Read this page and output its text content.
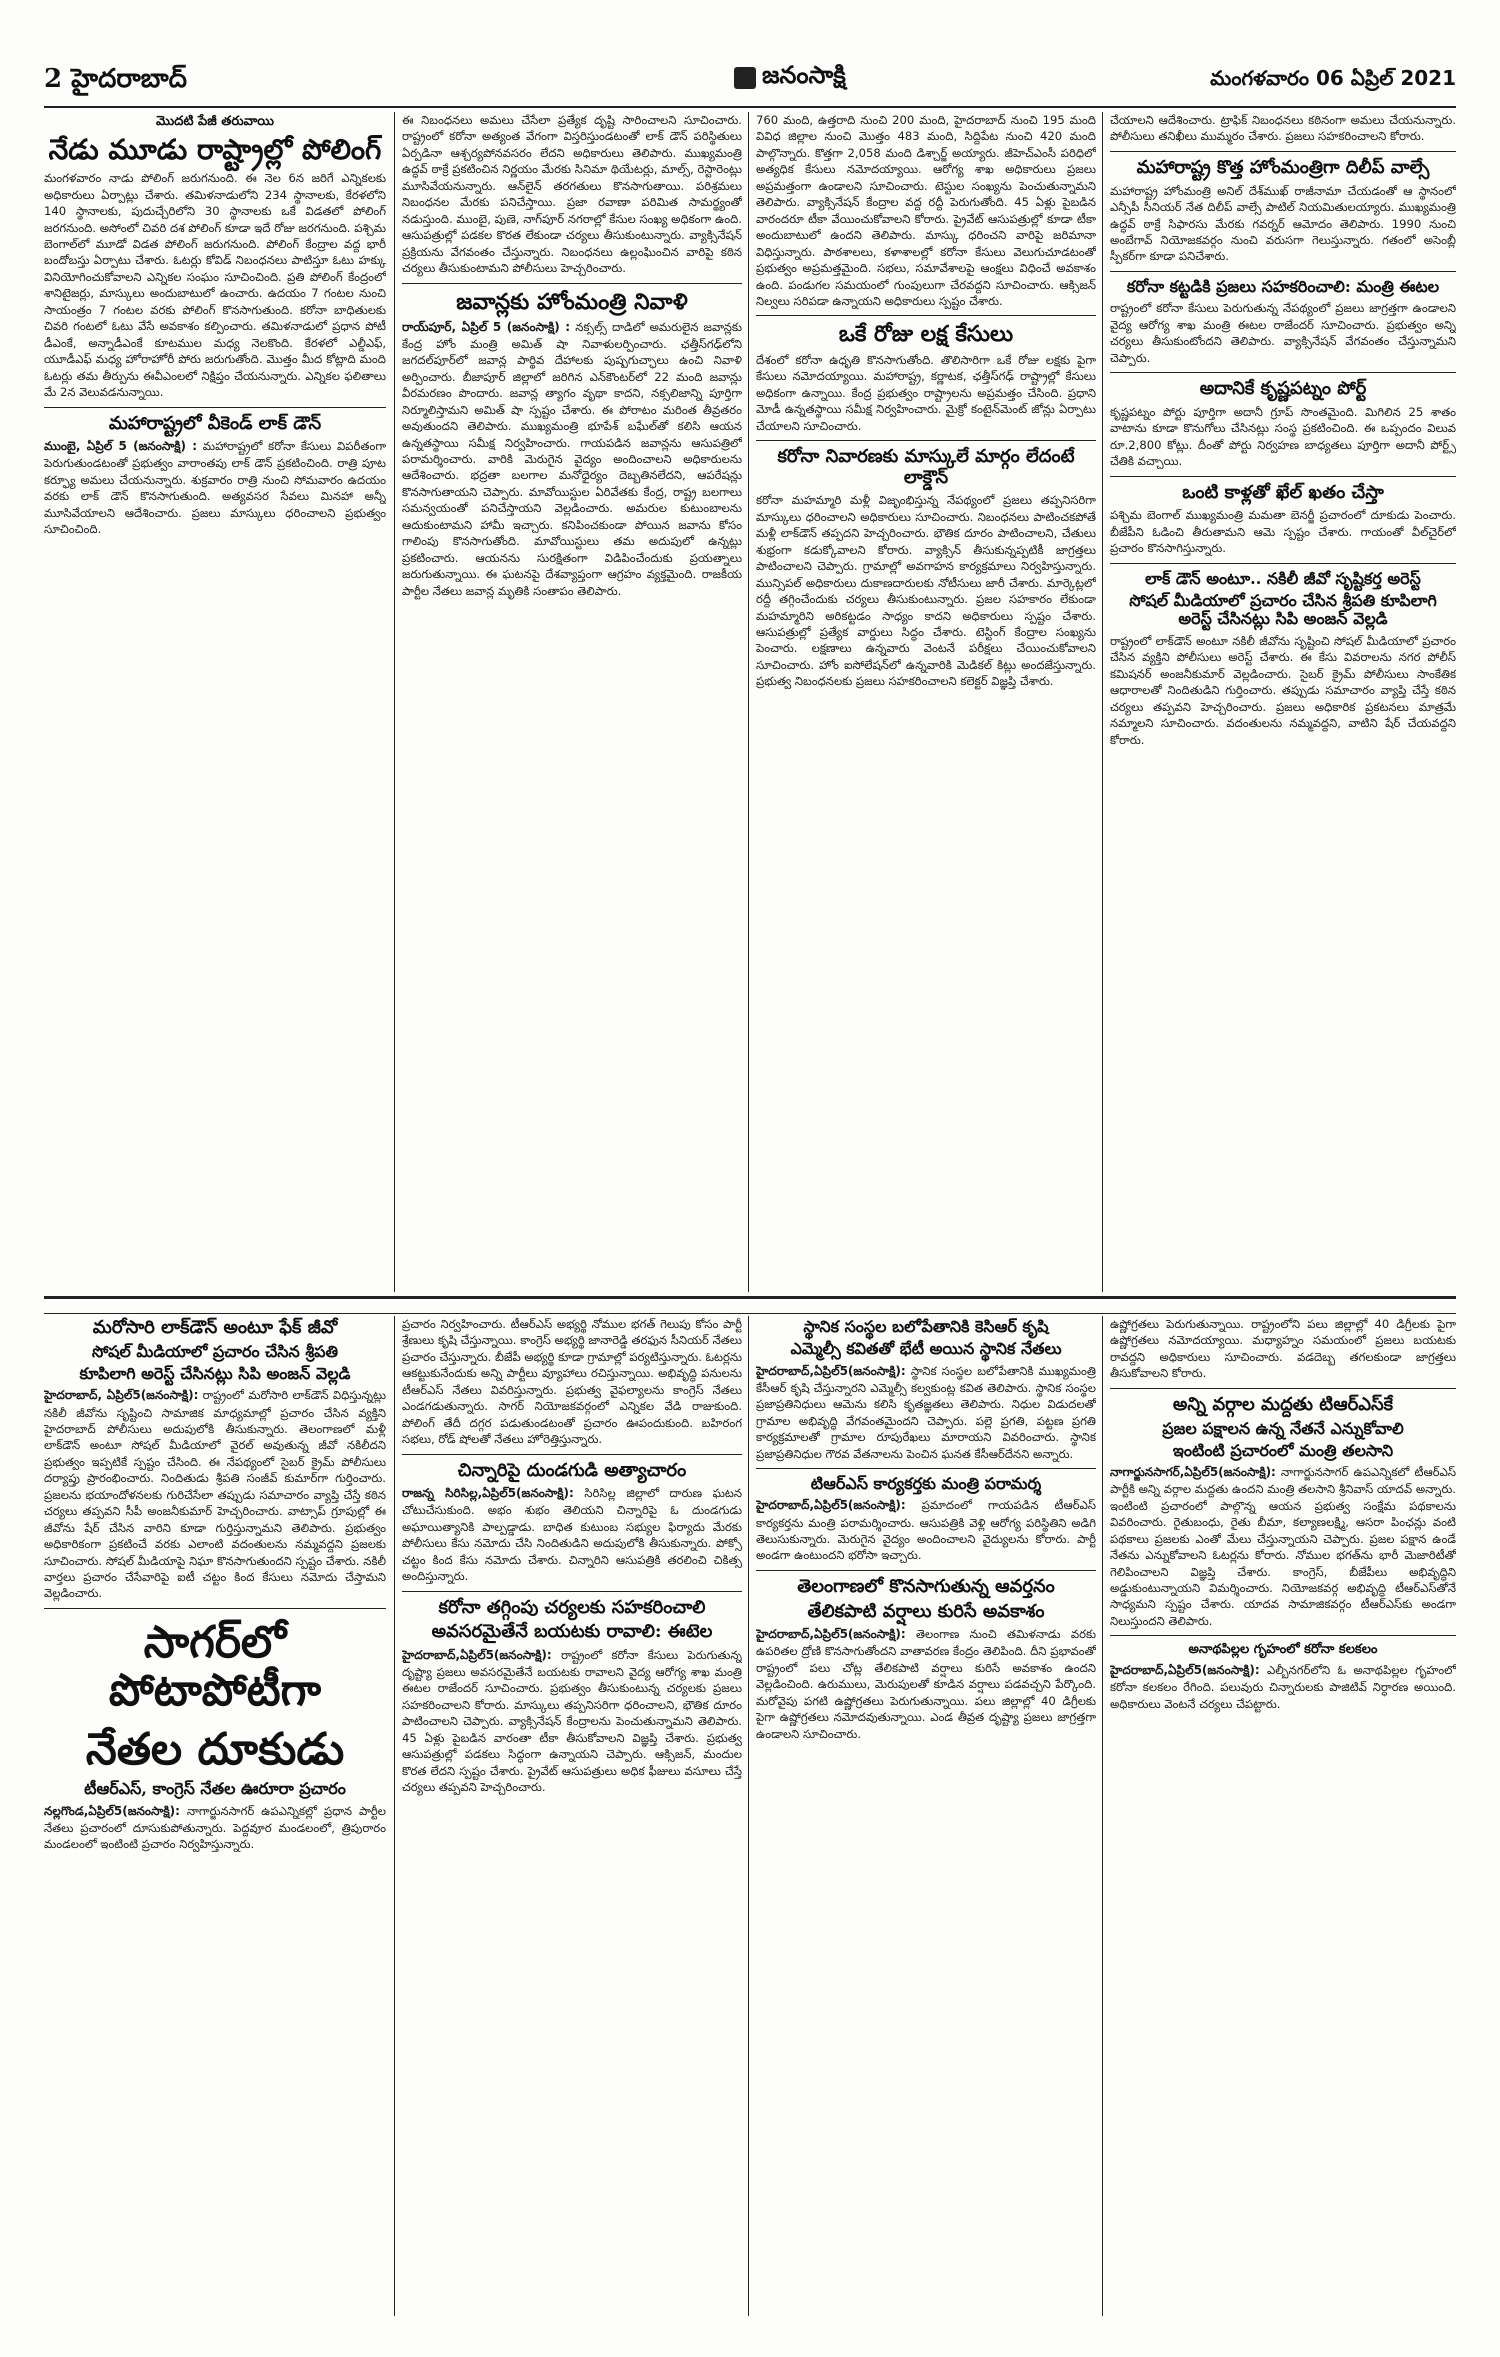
2 హైదరాబాద్	జనంసాక్షి	మంగళవారం 06 ఏప్రిల్ 2021
మొదటి పేజీ తరువాయి
నేడు మూడు రాష్ట్రాల్లో పోలింగ్

మంగళవారం నాడు పోలింగ్ జరుగనుంది. ఈ నెల 6న జరిగే ఎన్నికలకు అధికారులు ఏర్పాట్లు చేశారు. తమిళనాడులోని 234 స్థానాలకు, కేరళలోని 140 స్థానాలకు, పుదుచ్చేరిలోని 30 స్థానాలకు ఒకే విడతలో పోలింగ్ జరగనుంది. అసోంలో చివరి దశ పోలింగ్ కూడా ఇదే రోజు జరగనుంది. పశ్చిమ బెంగాల్‌లో మూడో విడత పోలింగ్ జరుగనుంది. పోలింగ్ కేంద్రాల వద్ద భారీ బందోబస్తు ఏర్పాటు చేశారు. ఓటర్లు కోవిడ్ నిబంధనలు పాటిస్తూ ఓటు హక్కు వినియోగించుకోవాలని ఎన్నికల సంఘం సూచించింది. ప్రతి పోలింగ్ కేంద్రంలో శానిటైజర్లు, మాస్కులు అందుబాటులో ఉంచారు. ఉదయం 7 గంటల నుంచి సాయంత్రం 7 గంటల వరకు పోలింగ్ కొనసాగుతుంది. కరోనా బాధితులకు చివరి గంటలో ఓటు వేసే అవకాశం కల్పించారు. తమిళనాడులో ప్రధాన పోటీ డీఎంకే, అన్నాడీఎంకే కూటముల మధ్య నెలకొంది. కేరళలో ఎల్డీఎఫ్, యూడీఎఫ్ మధ్య హోరాహోరీ పోరు జరుగుతోంది. మొత్తం మీద కోట్లాది మంది ఓటర్లు తమ తీర్పును ఈవీఎంలలో నిక్షిప్తం చేయనున్నారు. ఎన్నికల ఫలితాలు మే 2న వెలువడనున్నాయి.

మహారాష్ట్రలో వీకెండ్ లాక్ డౌన్

ముంబై, ఏప్రిల్ 5 (జనంసాక్షి) : మహారాష్ట్రలో కరోనా కేసులు విపరీతంగా పెరుగుతుండటంతో ప్రభుత్వం వారాంతపు లాక్ డౌన్ ప్రకటించింది. రాత్రి పూట కర్ఫ్యూ అమలు చేయనున్నారు. శుక్రవారం రాత్రి నుంచి సోమవారం ఉదయం వరకు లాక్ డౌన్ కొనసాగుతుంది. అత్యవసర సేవలు మినహా అన్నీ మూసివేయాలని ఆదేశించారు. ప్రజలు మాస్కులు ధరించాలని ప్రభుత్వం సూచించింది.

ఈ నిబంధనలు అమలు చేసేలా ప్రత్యేక దృష్టి సారించాలని సూచించారు. రాష్ట్రంలో కరోనా అత్యంత వేగంగా విస్తరిస్తుండటంతో లాక్ డౌన్ పరిస్థితులు ఏర్పడినా ఆశ్చర్యపోనవసరం లేదని అధికారులు తెలిపారు. ముఖ్యమంత్రి ఉద్ధవ్ ఠాక్రే ప్రకటించిన నిర్ణయం మేరకు సినిమా థియేటర్లు, మాల్స్, రెస్టారెంట్లు మూసివేయనున్నారు. ఆన్‌లైన్ తరగతులు కొనసాగుతాయి. పరిశ్రమలు నిబంధనల మేరకు పనిచేస్తాయి. ప్రజా రవాణా పరిమిత సామర్థ్యంతో నడుస్తుంది. ముంబై, పుణె, నాగ్‌పూర్ నగరాల్లో కేసుల సంఖ్య అధికంగా ఉంది. ఆసుపత్రుల్లో పడకల కొరత లేకుండా చర్యలు తీసుకుంటున్నారు. వ్యాక్సినేషన్ ప్రక్రియను వేగవంతం చేస్తున్నారు. నిబంధనలు ఉల్లంఘించిన వారిపై కఠిన చర్యలు తీసుకుంటామని పోలీసులు హెచ్చరించారు.

జవాన్లకు హోంమంత్రి నివాళి

రాయ్‌పూర్, ఏప్రిల్ 5 (జనంసాక్షి) : నక్సల్స్ దాడిలో అమరులైన జవాన్లకు కేంద్ర హోం మంత్రి అమిత్ షా నివాళులర్పించారు. ఛత్తీస్‌గఢ్‌లోని జగదల్‌పూర్‌లో జవాన్ల పార్థివ దేహాలకు పుష్పగుచ్ఛాలు ఉంచి నివాళి అర్పించారు. బీజాపూర్ జిల్లాలో జరిగిన ఎన్‌కౌంటర్‌లో 22 మంది జవాన్లు వీరమరణం పొందారు. జవాన్ల త్యాగం వృథా కాదని, నక్సలిజాన్ని పూర్తిగా నిర్మూలిస్తామని అమిత్ షా స్పష్టం చేశారు. ఈ పోరాటం మరింత తీవ్రతరం అవుతుందని తెలిపారు. ముఖ్యమంత్రి భూపేశ్ బఘేల్‌తో కలిసి ఆయన ఉన్నతస్థాయి సమీక్ష నిర్వహించారు. గాయపడిన జవాన్లను ఆసుపత్రిలో పరామర్శించారు. వారికి మెరుగైన వైద్యం అందించాలని అధికారులను ఆదేశించారు. భద్రతా బలగాల మనోధైర్యం దెబ్బతినలేదని, ఆపరేషన్లు కొనసాగుతాయని చెప్పారు. మావోయిస్టుల ఏరివేతకు కేంద్ర, రాష్ట్ర బలగాలు సమన్వయంతో పనిచేస్తాయని వెల్లడించారు. అమరుల కుటుంబాలను ఆదుకుంటామని హామీ ఇచ్చారు. కనిపించకుండా పోయిన జవాను కోసం గాలింపు కొనసాగుతోంది. మావోయిస్టులు తమ అదుపులో ఉన్నట్లు ప్రకటించారు. ఆయనను సురక్షితంగా విడిపించేందుకు ప్రయత్నాలు జరుగుతున్నాయి. ఈ ఘటనపై దేశవ్యాప్తంగా ఆగ్రహం వ్యక్తమైంది. రాజకీయ పార్టీల నేతలు జవాన్ల మృతికి సంతాపం తెలిపారు.

760 మంది, ఉత్తరాది నుంచి 200 మంది, హైదరాబాద్ నుంచి 195 మంది వివిధ జిల్లాల నుంచి మొత్తం 483 మంది, సిద్దిపేట నుంచి 420 మంది పాల్గొన్నారు. కొత్తగా 2,058 మంది డిశ్చార్జ్ అయ్యారు. జీహెచ్‌ఎంసీ పరిధిలో అత్యధిక కేసులు నమోదయ్యాయి. ఆరోగ్య శాఖ అధికారులు ప్రజలు అప్రమత్తంగా ఉండాలని సూచించారు. టెస్టుల సంఖ్యను పెంచుతున్నామని తెలిపారు. వ్యాక్సినేషన్ కేంద్రాల వద్ద రద్దీ పెరుగుతోంది. 45 ఏళ్లు పైబడిన వారందరూ టీకా వేయించుకోవాలని కోరారు. ప్రైవేట్ ఆసుపత్రుల్లో కూడా టీకా అందుబాటులో ఉందని తెలిపారు. మాస్కు ధరించని వారిపై జరిమానా విధిస్తున్నారు. పాఠశాలలు, కళాశాలల్లో కరోనా కేసులు వెలుగుచూడటంతో ప్రభుత్వం అప్రమత్తమైంది. సభలు, సమావేశాలపై ఆంక్షలు విధించే అవకాశం ఉంది. పండుగల సమయంలో గుంపులుగా చేరవద్దని సూచించారు. ఆక్సిజన్ నిల్వలు సరిపడా ఉన్నాయని అధికారులు స్పష్టం చేశారు.

ఒకే రోజు లక్ష కేసులు

దేశంలో కరోనా ఉధృతి కొనసాగుతోంది. తొలిసారిగా ఒకే రోజు లక్షకు పైగా కేసులు నమోదయ్యాయి. మహారాష్ట్ర, కర్ణాటక, ఛత్తీస్‌గఢ్ రాష్ట్రాల్లో కేసులు అధికంగా ఉన్నాయి. కేంద్ర ప్రభుత్వం రాష్ట్రాలను అప్రమత్తం చేసింది. ప్రధాని మోడీ ఉన్నతస్థాయి సమీక్ష నిర్వహించారు. మైక్రో కంటైన్‌మెంట్ జోన్లు ఏర్పాటు చేయాలని సూచించారు.

కరోనా నివారణకు మాస్కులే మార్గం లేదంటే లాక్డౌన్

కరోనా మహమ్మారి మళ్లీ విజృంభిస్తున్న నేపథ్యంలో ప్రజలు తప్పనిసరిగా మాస్కులు ధరించాలని అధికారులు సూచించారు. నిబంధనలు పాటించకపోతే మళ్లీ లాక్‌డౌన్ తప్పదని హెచ్చరించారు. భౌతిక దూరం పాటించాలని, చేతులు శుభ్రంగా కడుక్కోవాలని కోరారు. వ్యాక్సిన్ తీసుకున్నప్పటికీ జాగ్రత్తలు పాటించాలని చెప్పారు. గ్రామాల్లో అవగాహన కార్యక్రమాలు నిర్వహిస్తున్నారు. మున్సిపల్ అధికారులు దుకాణదారులకు నోటీసులు జారీ చేశారు. మార్కెట్లలో రద్దీ తగ్గించేందుకు చర్యలు తీసుకుంటున్నారు. ప్రజల సహకారం లేకుండా మహమ్మారిని అరికట్టడం సాధ్యం కాదని అధికారులు స్పష్టం చేశారు. ఆసుపత్రుల్లో ప్రత్యేక వార్డులు సిద్ధం చేశారు. టెస్టింగ్ కేంద్రాల సంఖ్యను పెంచారు. లక్షణాలు ఉన్నవారు వెంటనే పరీక్షలు చేయించుకోవాలని సూచించారు. హోం ఐసోలేషన్‌లో ఉన్నవారికి మెడికల్ కిట్లు అందజేస్తున్నారు. ప్రభుత్వ నిబంధనలకు ప్రజలు సహకరించాలని కలెక్టర్ విజ్ఞప్తి చేశారు.

చేయాలని ఆదేశించారు. ట్రాఫిక్ నిబంధనలు కఠినంగా అమలు చేయనున్నారు. పోలీసులు తనిఖీలు ముమ్మరం చేశారు. ప్రజలు సహకరించాలని కోరారు.

మహారాష్ట్ర కొత్త హోంమంత్రిగా దిలీప్ వాల్సే

మహారాష్ట్ర హోంమంత్రి అనిల్ దేశ్‌ముఖ్ రాజీనామా చేయడంతో ఆ స్థానంలో ఎన్సీపీ సీనియర్ నేత దిలీప్ వాల్సే పాటిల్ నియమితులయ్యారు. ముఖ్యమంత్రి ఉద్ధవ్ ఠాక్రే సిఫారసు మేరకు గవర్నర్ ఆమోదం తెలిపారు. 1990 నుంచి అంబేగావ్ నియోజకవర్గం నుంచి వరుసగా గెలుస్తున్నారు. గతంలో అసెంబ్లీ స్పీకర్‌గా కూడా పనిచేశారు.

కరోనా కట్టడికి ప్రజలు సహకరించాలి: మంత్రి ఈటల

రాష్ట్రంలో కరోనా కేసులు పెరుగుతున్న నేపథ్యంలో ప్రజలు జాగ్రత్తగా ఉండాలని వైద్య ఆరోగ్య శాఖ మంత్రి ఈటల రాజేందర్ సూచించారు. ప్రభుత్వం అన్ని చర్యలు తీసుకుంటోందని తెలిపారు. వ్యాక్సినేషన్ వేగవంతం చేస్తున్నామని చెప్పారు.

అదానికే కృష్ణపట్నం పోర్ట్

కృష్ణపట్నం పోర్టు పూర్తిగా అదానీ గ్రూప్ సొంతమైంది. మిగిలిన 25 శాతం వాటాను కూడా కొనుగోలు చేసినట్లు సంస్థ ప్రకటించింది. ఈ ఒప్పందం విలువ రూ.2,800 కోట్లు. దీంతో పోర్టు నిర్వహణ బాధ్యతలు పూర్తిగా అదానీ పోర్ట్స్ చేతికి వచ్చాయి.

ఒంటి కాళ్లతో ఖేల్ ఖతం చేస్తా

పశ్చిమ బెంగాల్ ముఖ్యమంత్రి మమతా బెనర్జీ ప్రచారంలో దూకుడు పెంచారు. బీజేపీని ఓడించి తీరుతామని ఆమె స్పష్టం చేశారు. గాయంతో వీల్‌చైర్‌లో ప్రచారం కొనసాగిస్తున్నారు.

లాక్ డౌన్ అంటూ.. నకిలీ జీవో సృష్టికర్త అరెస్ట్
సోషల్ మీడియాలో ప్రచారం చేసిన శ్రీపతి కూపిలాగి అరెస్ట్ చేసినట్లు సిపి అంజన్ వెల్లడి

రాష్ట్రంలో లాక్‌డౌన్ అంటూ నకిలీ జీవోను సృష్టించి సోషల్ మీడియాలో ప్రచారం చేసిన వ్యక్తిని పోలీసులు అరెస్ట్ చేశారు. ఈ కేసు వివరాలను నగర పోలీస్ కమిషనర్ అంజనీకుమార్ వెల్లడించారు. సైబర్ క్రైమ్ పోలీసులు సాంకేతిక ఆధారాలతో నిందితుడిని గుర్తించారు. తప్పుడు సమాచారం వ్యాప్తి చేస్తే కఠిన చర్యలు తప్పవని హెచ్చరించారు. ప్రజలు అధికారిక ప్రకటనలు మాత్రమే నమ్మాలని సూచించారు. వదంతులను నమ్మవద్దని, వాటిని షేర్ చేయవద్దని కోరారు.

మరోసారి లాక్‌డౌన్ అంటూ ఫేక్ జీవో
సోషల్ మీడియాలో ప్రచారం చేసిన శ్రీపతి
కూపిలాగి అరెస్ట్ చేసినట్లు సిపి అంజన్ వెల్లడి

హైదరాబాద్, ఏప్రిల్5(జనంసాక్షి): రాష్ట్రంలో మరోసారి లాక్‌డౌన్ విధిస్తున్నట్లు నకిలీ జీవోను సృష్టించి సామాజిక మాధ్యమాల్లో ప్రచారం చేసిన వ్యక్తిని హైదరాబాద్ పోలీసులు అదుపులోకి తీసుకున్నారు. తెలంగాణలో మళ్లీ లాక్‌డౌన్ అంటూ సోషల్ మీడియాలో వైరల్ అవుతున్న జీవో నకిలీదని ప్రభుత్వం ఇప్పటికే స్పష్టం చేసింది. ఈ నేపథ్యంలో సైబర్ క్రైమ్ పోలీసులు దర్యాప్తు ప్రారంభించారు. నిందితుడు శ్రీపతి సంజీవ్ కుమార్‌గా గుర్తించారు. ప్రజలను భయాందోళనలకు గురిచేసేలా తప్పుడు సమాచారం వ్యాప్తి చేస్తే కఠిన చర్యలు తప్పవని సీపీ అంజనీకుమార్ హెచ్చరించారు. వాట్సాప్ గ్రూపుల్లో ఈ జీవోను షేర్ చేసిన వారిని కూడా గుర్తిస్తున్నామని తెలిపారు. ప్రభుత్వం అధికారికంగా ప్రకటించే వరకు ఎలాంటి వదంతులను నమ్మవద్దని ప్రజలకు సూచించారు. సోషల్ మీడియాపై నిఘా కొనసాగుతుందని స్పష్టం చేశారు. నకిలీ వార్తలు ప్రచారం చేసేవారిపై ఐటీ చట్టం కింద కేసులు నమోదు చేస్తామని వెల్లడించారు.

సాగర్‌లో పోటాపోటీగా
నేతల దూకుడు
టీఆర్ఎస్, కాంగ్రెస్ నేతల ఊరూరా ప్రచారం

నల్లగొండ,ఏప్రిల్5(జనంసాక్షి): నాగార్జునసాగర్ ఉపఎన్నికల్లో ప్రధాన పార్టీల నేతలు ప్రచారంలో దూసుకుపోతున్నారు. పెద్దవూర మండలంలో, త్రిపురారం మండలంలో ఇంటింటి ప్రచారం నిర్వహిస్తున్నారు.

ప్రచారం నిర్వహించారు. టీఆర్ఎస్ అభ్యర్థి నోముల భగత్ గెలుపు కోసం పార్టీ శ్రేణులు కృషి చేస్తున్నాయి. కాంగ్రెస్ అభ్యర్థి జానారెడ్డి తరఫున సీనియర్ నేతలు ప్రచారం చేస్తున్నారు. బీజేపీ అభ్యర్థి కూడా గ్రామాల్లో పర్యటిస్తున్నారు. ఓటర్లను ఆకట్టుకునేందుకు అన్ని పార్టీలు వ్యూహాలు రచిస్తున్నాయి. అభివృద్ధి పనులను టీఆర్ఎస్ నేతలు వివరిస్తున్నారు. ప్రభుత్వ వైఫల్యాలను కాంగ్రెస్ నేతలు ఎండగడుతున్నారు. సాగర్ నియోజకవర్గంలో ఎన్నికల వేడి రాజుకుంది. పోలింగ్ తేదీ దగ్గర పడుతుండటంతో ప్రచారం ఊపందుకుంది. బహిరంగ సభలు, రోడ్ షోలతో నేతలు హోరెత్తిస్తున్నారు.

చిన్నారిపై దుండగుడి అత్యాచారం

రాజన్న సిరిసిల్ల,ఏప్రిల్5(జనంసాక్షి): సిరిసిల్ల జిల్లాలో దారుణ ఘటన చోటుచేసుకుంది. అభం శుభం తెలియని చిన్నారిపై ఓ దుండగుడు అఘాయిత్యానికి పాల్పడ్డాడు. బాధిత కుటుంబ సభ్యుల ఫిర్యాదు మేరకు పోలీసులు కేసు నమోదు చేసి నిందితుడిని అదుపులోకి తీసుకున్నారు. పోక్సో చట్టం కింద కేసు నమోదు చేశారు. చిన్నారిని ఆసుపత్రికి తరలించి చికిత్స అందిస్తున్నారు.

కరోనా తగ్గింపు చర్యలకు సహకరించాలి
అవసరమైతేనే బయటకు రావాలి: ఈటెల

హైదరాబాద్,ఏప్రిల్5(జనంసాక్షి): రాష్ట్రంలో కరోనా కేసులు పెరుగుతున్న దృష్ట్యా ప్రజలు అవసరమైతేనే బయటకు రావాలని వైద్య ఆరోగ్య శాఖ మంత్రి ఈటల రాజేందర్ సూచించారు. ప్రభుత్వం తీసుకుంటున్న చర్యలకు ప్రజలు సహకరించాలని కోరారు. మాస్కులు తప్పనిసరిగా ధరించాలని, భౌతిక దూరం పాటించాలని చెప్పారు. వ్యాక్సినేషన్ కేంద్రాలను పెంచుతున్నామని తెలిపారు. 45 ఏళ్లు పైబడిన వారంతా టీకా తీసుకోవాలని విజ్ఞప్తి చేశారు. ప్రభుత్వ ఆసుపత్రుల్లో పడకలు సిద్ధంగా ఉన్నాయని చెప్పారు. ఆక్సిజన్, మందుల కొరత లేదని స్పష్టం చేశారు. ప్రైవేట్ ఆసుపత్రులు అధిక ఫీజులు వసూలు చేస్తే చర్యలు తప్పవని హెచ్చరించారు.

స్థానిక సంస్థల బలోపేతానికి కెసిఆర్ కృషి
ఎమ్మెల్సీ కవితతో భేటీ అయిన స్థానిక నేతలు

హైదరాబాద్,ఏప్రిల్5(జనంసాక్షి): స్థానిక సంస్థల బలోపేతానికి ముఖ్యమంత్రి కేసీఆర్ కృషి చేస్తున్నారని ఎమ్మెల్సీ కల్వకుంట్ల కవిత తెలిపారు. స్థానిక సంస్థల ప్రజాప్రతినిధులు ఆమెను కలిసి కృతజ్ఞతలు తెలిపారు. నిధుల విడుదలతో గ్రామాల అభివృద్ధి వేగవంతమైందని చెప్పారు. పల్లె ప్రగతి, పట్టణ ప్రగతి కార్యక్రమాలతో గ్రామాల రూపురేఖలు మారాయని వివరించారు. స్థానిక ప్రజాప్రతినిధుల గౌరవ వేతనాలను పెంచిన ఘనత కేసీఆర్‌దేనని అన్నారు.

టిఆర్ఎస్ కార్యకర్తకు మంత్రి పరామర్శ

హైదరాబాద్,ఏప్రిల్5(జనంసాక్షి): ప్రమాదంలో గాయపడిన టీఆర్ఎస్ కార్యకర్తను మంత్రి పరామర్శించారు. ఆసుపత్రికి వెళ్లి ఆరోగ్య పరిస్థితిని అడిగి తెలుసుకున్నారు. మెరుగైన వైద్యం అందించాలని వైద్యులను కోరారు. పార్టీ అండగా ఉంటుందని భరోసా ఇచ్చారు.

తెలంగాణలో కొనసాగుతున్న ఆవర్తనం
తేలికపాటి వర్షాలు కురిసే అవకాశం

హైదరాబాద్,ఏప్రిల్5(జనంసాక్షి): తెలంగాణ నుంచి తమిళనాడు వరకు ఉపరితల ద్రోణి కొనసాగుతోందని వాతావరణ కేంద్రం తెలిపింది. దీని ప్రభావంతో రాష్ట్రంలో పలు చోట్ల తేలికపాటి వర్షాలు కురిసే అవకాశం ఉందని వెల్లడించింది. ఉరుములు, మెరుపులతో కూడిన వర్షాలు పడవచ్చని పేర్కొంది. మరోవైపు పగటి ఉష్ణోగ్రతలు పెరుగుతున్నాయి. పలు జిల్లాల్లో 40 డిగ్రీలకు పైగా ఉష్ణోగ్రతలు నమోదవుతున్నాయి. ఎండ తీవ్రత దృష్ట్యా ప్రజలు జాగ్రత్తగా ఉండాలని సూచించారు.

ఉష్ణోగ్రతలు పెరుగుతున్నాయి. రాష్ట్రంలోని పలు జిల్లాల్లో 40 డిగ్రీలకు పైగా ఉష్ణోగ్రతలు నమోదయ్యాయి. మధ్యాహ్నం సమయంలో ప్రజలు బయటకు రావద్దని అధికారులు సూచించారు. వడదెబ్బ తగలకుండా జాగ్రత్తలు తీసుకోవాలని కోరారు.

అన్ని వర్గాల మద్దతు టిఆర్ఎస్‌కే
ప్రజల పక్షాలన ఉన్న నేతనే ఎన్నుకోవాలి
ఇంటింటి ప్రచారంలో మంత్రి తలసాని

నాగార్జునసాగర్,ఏప్రిల్5(జనంసాక్షి): నాగార్జునసాగర్ ఉపఎన్నికలో టీఆర్ఎస్ పార్టీకి అన్ని వర్గాల మద్దతు ఉందని మంత్రి తలసాని శ్రీనివాస్ యాదవ్ అన్నారు. ఇంటింటి ప్రచారంలో పాల్గొన్న ఆయన ప్రభుత్వ సంక్షేమ పథకాలను వివరించారు. రైతుబంధు, రైతు బీమా, కల్యాణలక్ష్మి, ఆసరా పింఛన్లు వంటి పథకాలు ప్రజలకు ఎంతో మేలు చేస్తున్నాయని చెప్పారు. ప్రజల పక్షాన ఉండే నేతను ఎన్నుకోవాలని ఓటర్లను కోరారు. నోముల భగత్‌ను భారీ మెజారిటీతో గెలిపించాలని విజ్ఞప్తి చేశారు. కాంగ్రెస్, బీజేపీలు అభివృద్ధిని అడ్డుకుంటున్నాయని విమర్శించారు. నియోజకవర్గ అభివృద్ధి టీఆర్ఎస్‌తోనే సాధ్యమని స్పష్టం చేశారు. యాదవ సామాజికవర్గం టీఆర్ఎస్‌కు అండగా నిలుస్తుందని తెలిపారు.

అనాథపిల్లల గృహంలో కరోనా కలకలం

హైదరాబాద్,ఏప్రిల్5(జనంసాక్షి): ఎల్బీనగర్‌లోని ఓ అనాథపిల్లల గృహంలో కరోనా కలకలం రేగింది. పలువురు చిన్నారులకు పాజిటివ్ నిర్ధారణ అయింది. అధికారులు వెంటనే చర్యలు చేపట్టారు.
